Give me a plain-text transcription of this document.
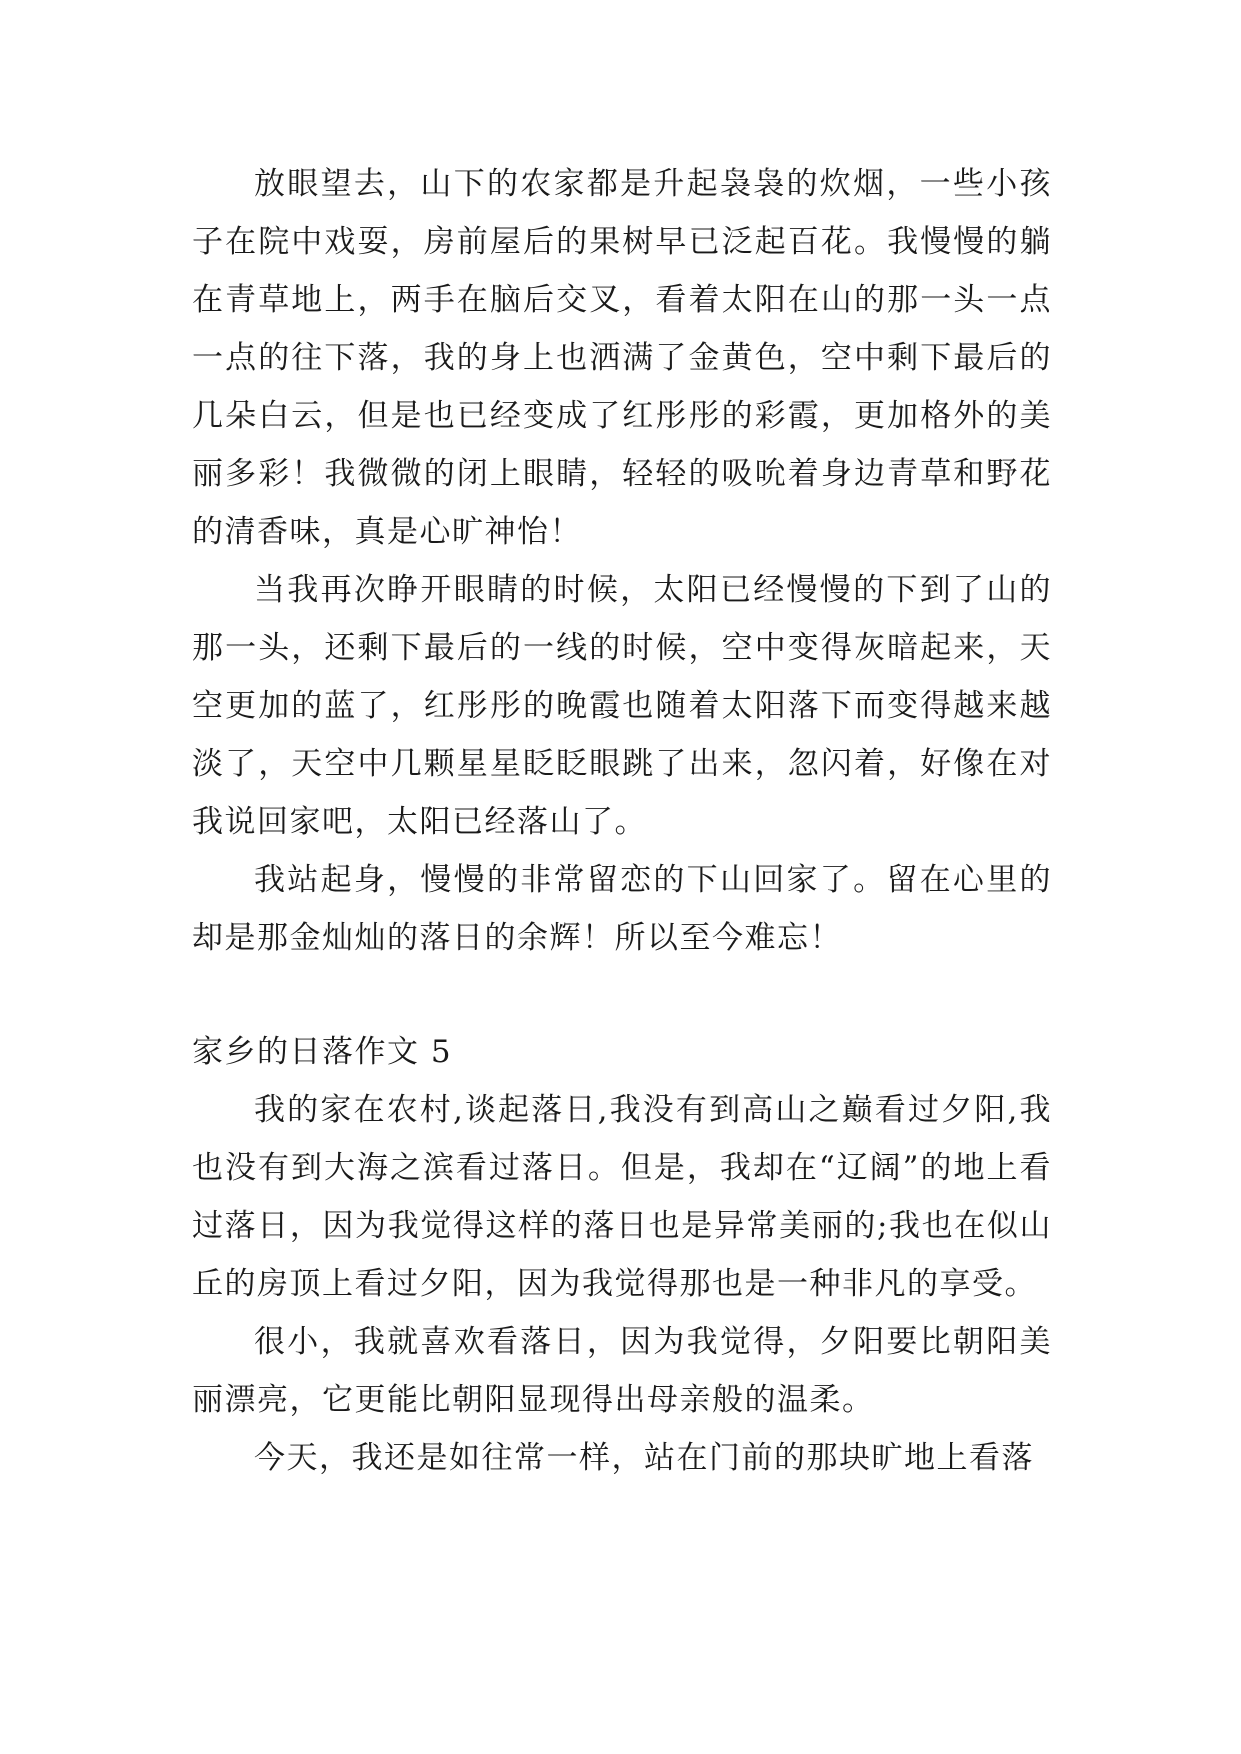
放眼望去，山下的农家都是升起袅袅的炊烟，一些小孩子在院中戏耍，房前屋后的果树早已泛起百花。我慢慢的躺在青草地上，两手在脑后交叉，看着太阳在山的那一头一点一点的往下落，我的身上也洒满了金黄色，空中剩下最后的几朵白云，但是也已经变成了红彤彤的彩霞，更加格外的美丽多彩！我微微的闭上眼睛，轻轻的吸吮着身边青草和野花的清香味，真是心旷神怡！

当我再次睁开眼睛的时候，太阳已经慢慢的下到了山的那一头，还剩下最后的一线的时候，空中变得灰暗起来，天空更加的蓝了，红彤彤的晚霞也随着太阳落下而变得越来越淡了，天空中几颗星星眨眨眼跳了出来，忽闪着，好像在对我说回家吧，太阳已经落山了。

我站起身，慢慢的非常留恋的下山回家了。留在心里的却是那金灿灿的落日的余辉！所以至今难忘！

家乡的日落作文 5

我的家在农村,谈起落日,我没有到高山之巅看过夕阳,我也没有到大海之滨看过落日。但是，我却在“辽阔”的地上看过落日，因为我觉得这样的落日也是异常美丽的;我也在似山丘的房顶上看过夕阳，因为我觉得那也是一种非凡的享受。

很小，我就喜欢看落日，因为我觉得，夕阳要比朝阳美丽漂亮，它更能比朝阳显现得出母亲般的温柔。

今天，我还是如往常一样，站在门前的那块旷地上看落
